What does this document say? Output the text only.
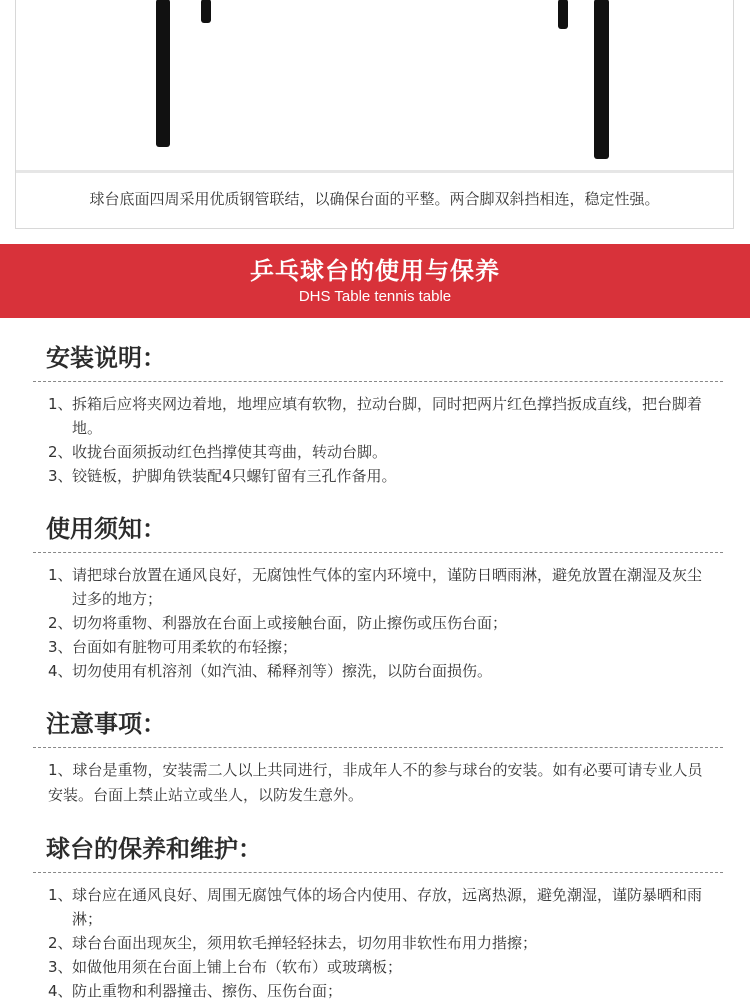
球台底面四周采用优质钢管联结，以确保台面的平整。两合脚双斜挡相连，稳定性强。
乒乓球台的使用与保养
DHS Table tennis table
安装说明：
1、 拆箱后应将夹网边着地，地埋应填有软物，拉动台脚，同时把两片红色撑挡扳成直线，把台脚着地。
2、 收拢台面须扳动红色挡撑使其弯曲，转动台脚。
3、 铰链板，护脚角铁装配4只螺钉留有三孔作备用。
使用须知：
1、 请把球台放置在通风良好，无腐蚀性气体的室内环境中，谨防日晒雨淋，避免放置在潮湿及灰尘过多的地方；
2、 切勿将重物、利器放在台面上或接触台面，防止擦伤或压伤台面；
3、 台面如有脏物可用柔软的布轻擦；
4、 切勿使用有机溶剂（如汽油、稀释剂等）擦洗，以防台面损伤。
注意事项：

1、球台是重物，安装需二人以上共同进行，非成年人不的参与球台的安装。如有必要可请专业人员安装。台面上禁止站立或坐人，以防发生意外。

球台的保养和维护：
1、 球台应在通风良好、周围无腐蚀气体的场合内使用、存放，远离热源，避免潮湿，谨防暴晒和雨淋；
2、 球台台面出现灰尘，须用软毛掸轻轻抹去，切勿用非软性布用力揩擦；
3、 如做他用须在台面上铺上台布（软布）或玻璃板；
4、 防止重物和利器撞击、擦伤、压伤台面；
